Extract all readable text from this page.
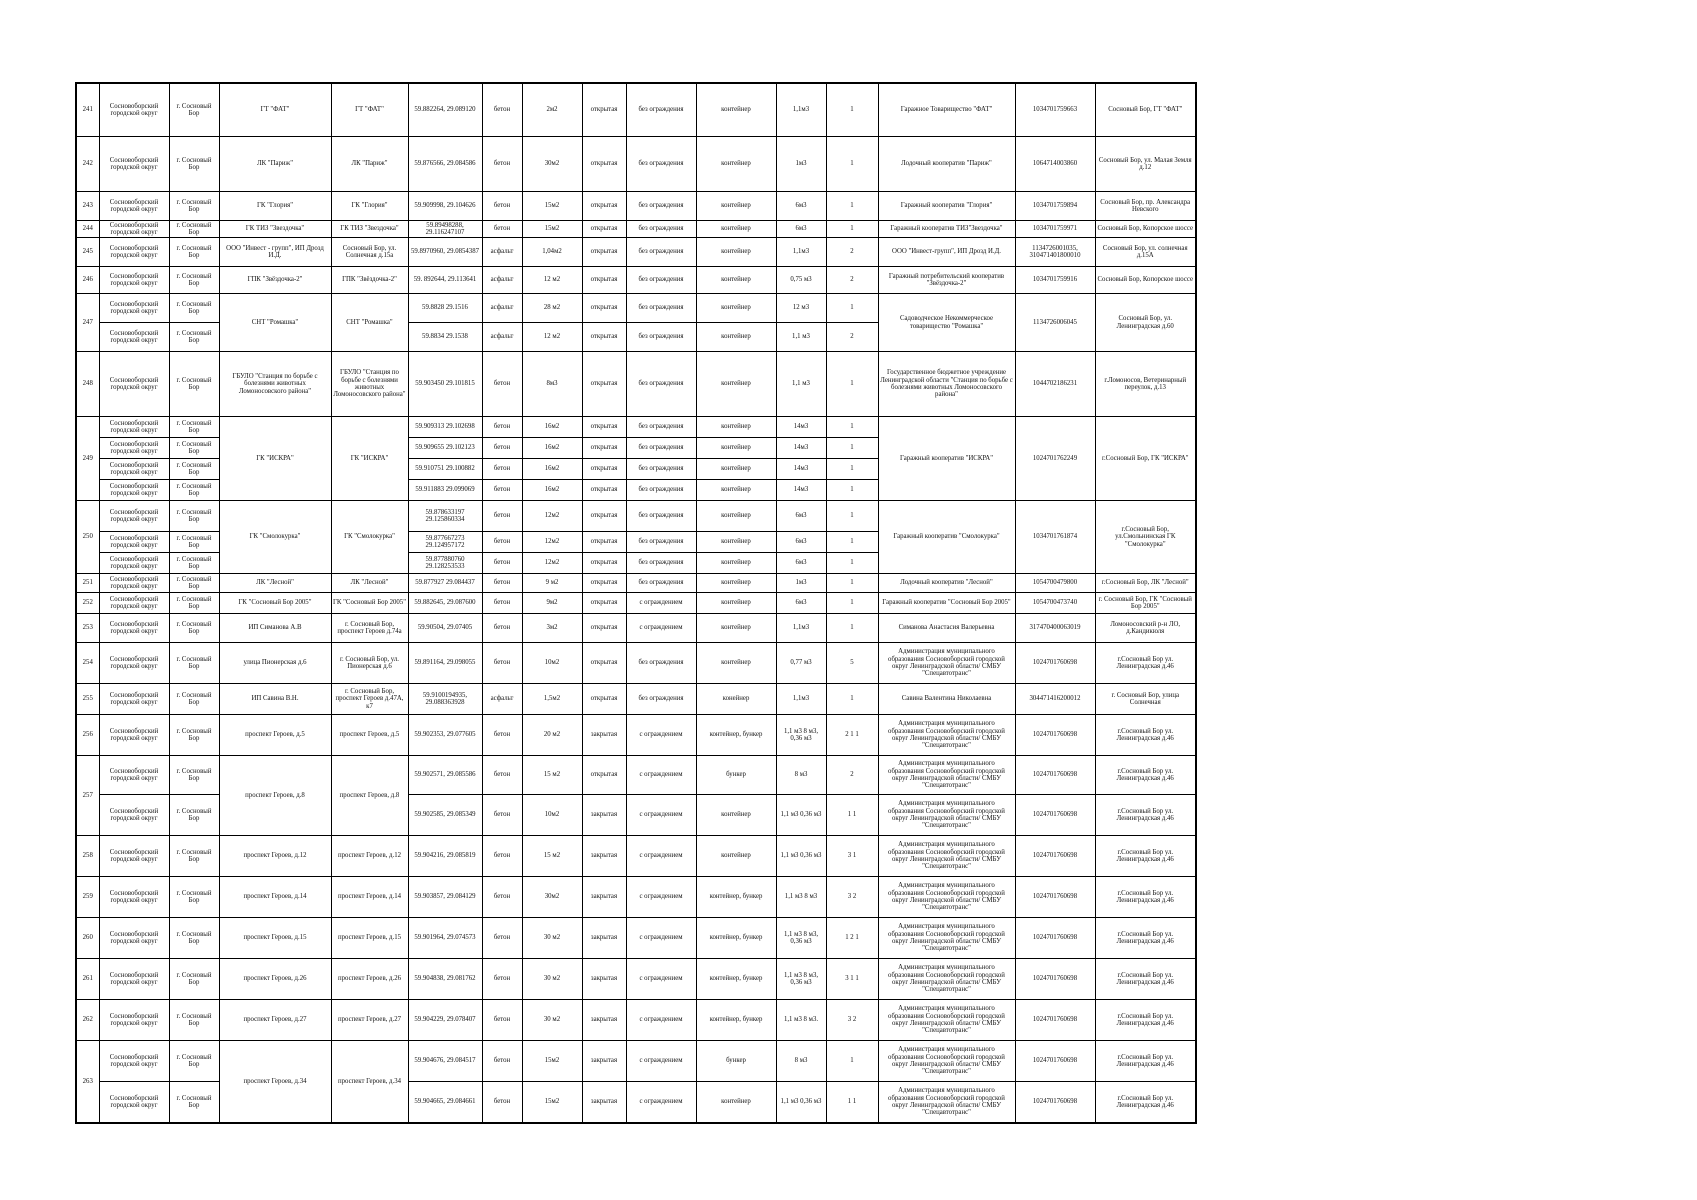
241	Сосновоборский городской округ	г. Сосновый Бор	ГТ "ФАТ"	ГТ "ФАТ"	59.882264, 29.089120	бетон	2м2	открытая	без ограждения	контейнер	1,1м3	1	Гаражное Товарищество "ФАТ"	1034701759663	Сосновый Бор, ГТ "ФАТ"
242	Сосновоборский городской округ	г. Сосновый Бор	ЛК "Париж"	ЛК "Париж"	59.876566, 29.084586	бетон	30м2	открытая	без ограждения	контейнер	1м3	1	Лодочный кооператив "Париж"	1064714003860	Сосновый Бор, ул. Малая Земля д.12
243	Сосновоборский городской округ	г. Сосновый Бор	ГК "Глория"	ГК "Глория"	59.909998, 29.104626	бетон	15м2	открытая	без ограждения	контейнер	6м3	1	Гаражный кооператив "Глория"	1034701759894	Сосновый Бор, пр. Александра Невского
244	Сосновоборский городской округ	г. Сосновый Бор	ГК ТИЗ "Звездочка"	ГК ТИЗ "Звездочка"	59.89498288, 29.116247107	бетон	15м2	открытая	без ограждения	контейнер	6м3	1	Гаражный кооператив ТИЗ"Звездочка"	1034701759971	Сосновый Бор, Копорское шоссе
245	Сосновоборский городской округ	г. Сосновый Бор	ООО "Инвест - групп", ИП Дрозд И.Д.	Сосновый Бор, ул. Солнечная д.15а	59.8970960, 29.0854387	асфальт	1,04м2	открытая	без ограждения	контейнер	1,1м3	2	ООО "Инвест-групп", ИП Дрозд И.Д.	1134726001035, 310471401800010	Сосновый Бор, ул. солнечная д.15А
246	Сосновоборский городской округ	г. Сосновый Бор	ГПК "Звёздочка-2"	ГПК "Звёздочка-2"	59. 892644, 29.113641	асфальт	12 м2	открытая	без ограждения	контейнер	0,75 м3	2	Гаражный потребительский кооператив "Звёздочка-2"	1034701759916	Сосновый Бор, Копорское шоссе
247	Сосновоборский городской округ	г. Сосновый Бор	СНТ "Ромашка"	СНТ "Ромашка"	59.8828 29.1516	асфальт	28 м2	открытая	без ограждения	контейнер	12 м3	1	Садоводческое Некоммерческое товарищество "Ромашка"	1134726006045	Сосновый Бор, ул. Ленинградская д.60
	Сосновоборский городской округ	г. Сосновый Бор			59.8834 29.1538	асфальт	12 м2	открытая	без ограждения	контейнер	1,1 м3	2			
248	Сосновоборский городской округ	г. Сосновый Бор	ГБУЛО "Станция по борьбе с болезнями животных Ломоносовского района"	ГБУЛО "Станция по борьбе с болезнями животных Ломоносовского района"	59.903450 29.101815	бетон	8м3	открытая	без ограждения	контейнер	1,1 м3	1	Государственное бюджетное учреждение Ленинградской области "Станция по борьбе с болезнями животных Ломоносовского района"	1044702186231	г.Ломоносов, Ветеринарный переулок, д.13
249	Сосновоборский городской округ	г. Сосновый Бор	ГК "ИСКРА"	ГК "ИСКРА"	59.909313 29.102698	бетон	16м2	открытая	без ограждения	контейнер	14м3	1	Гаражный кооператив "ИСКРА"	1024701762249	г.Сосновый Бор, ГК "ИСКРА"
	Сосновоборский городской округ	г. Сосновый Бор			59.909655 29.102123	бетон	16м2	открытая	без ограждения	контейнер	14м3	1			
	Сосновоборский городской округ	г. Сосновый Бор			59.910751 29.100882	бетон	16м2	открытая	без ограждения	контейнер	14м3	1			
	Сосновоборский городской округ	г. Сосновый Бор			59.911883 29.099069	бетон	16м2	открытая	без ограждения	контейнер	14м3	1			
250	Сосновоборский городской округ	г. Сосновый Бор	ГК "Смолокурка"	ГК "Смолокурка"	59.878633197 29.125860334	бетон	12м2	открытая	без ограждения	контейнер	6м3	1	Гаражный кооператив "Смолокурка"	1034701761874	г.Сосновый Бор, ул.Смольнинская ГК "Смолокурка"
	Сосновоборский городской округ	г. Сосновый Бор			59.877667273 29.124957172	бетон	12м2	открытая	без ограждения	контейнер	6м3	1			
	Сосновоборский городской округ	г. Сосновый Бор			59.877880760 29.128253533	бетон	12м2	открытая	без ограждения	контейнер	6м3	1			
251	Сосновоборский городской округ	г. Сосновый Бор	ЛК "Лесной"	ЛК "Лесной"	59.877927 29.084437	бетон	9 м2	открытая	без ограждения	контейнер	1м3	1	Лодочный кооператив "Лесной"	1054700479800	г.Сосновый Бор, ЛК "Лесной"
252	Сосновоборский городской округ	г. Сосновый Бор	ГК "Сосновый Бор 2005"	ГК "Сосновый Бор 2005"	59.882645, 29.087600	бетон	9м2	открытая	с ограждением	контейнер	6м3	1	Гаражный кооператив "Сосновый Бор 2005"	1054700473740	г. Сосновый Бор, ГК "Сосновый Бор 2005"
253	Сосновоборский городской округ	г. Сосновый Бор	ИП Симанова А.В	г. Сосновый Бор, проспект Героев д.74а	59.90504, 29.07405	бетон	3м2	открытая	с ограждением	контейнер	1,1м3	1	Симанова Анастасия Валерьевна	317470400063019	Ломоносовский р-н ЛО, д.Кандикюля
254	Сосновоборский городской округ	г. Сосновый Бор	улица Пионерская д.6	г. Сосновый Бор, ул. Пионерская д.6	59.891164, 29.098055	бетон	10м2	открытая	без ограждения	контейнер	0,77 м3	5	Администрация муниципального образования Сосновоборский городской округ Ленинградской области/ СМБУ "Спецавтотранс"	1024701760698	г.Сосновый Бор ул. Ленинградская д.46
255	Сосновоборский городской округ	г. Сосновый Бор	ИП Савина В.Н.	г. Сосновый Бор, проспект Героев д.47А, к7	59.9100194935, 29.088363928	асфальт	1,5м2	открытая	без ограждения	конейнер	1,1м3	1	Савина Валентина Николаевна	304471416200012	г. Сосновый Бор, улица Солнечная
256	Сосновоборский городской округ	г. Сосновый Бор	проспект Героев, д.5	проспект Героев, д.5	59.902353, 29.077605	бетон	20 м2	закрытая	с ограждением	контейнер, бункер	1,1 м3 8 м3, 0,36 м3	2 1 1	Администрация муниципального образования Сосновоборский городской округ Ленинградской области/ СМБУ "Спецавтотранс"	1024701760698	г.Сосновый Бор ул. Ленинградская д.46
257	Сосновоборский городской округ	г. Сосновый Бор	проспект Героев, д.8	проспект Героев, д.8	59.902571, 29.085586	бетон	15 м2	открытая	с ограждением	бункер	8 м3	2	Администрация муниципального образования Сосновоборский городской округ Ленинградской области/ СМБУ "Спецавтотранс"	1024701760698	г.Сосновый Бор ул. Ленинградская д.46
	Сосновоборский городской округ	г. Сосновый Бор			59.902585, 29.085349	бетон	10м2	закрытая	с ограждением	контейнер	1,1 м3 0,36 м3	1 1	Администрация муниципального образования Сосновоборский городской округ Ленинградской области/ СМБУ "Спецавтотранс"	1024701760698	г.Сосновый Бор ул. Ленинградская д.46
258	Сосновоборский городской округ	г. Сосновый Бор	проспект Героев, д.12	проспект Героев, д.12	59.904216, 29.085819	бетон	15 м2	закрытая	с ограждением	контейнер	1,1 м3 0,36 м3	3 1	Администрация муниципального образования Сосновоборский городской округ Ленинградской области/ СМБУ "Спецавтотранс"	1024701760698	г.Сосновый Бор ул. Ленинградская д.46
259	Сосновоборский городской округ	г. Сосновый Бор	проспект Героев, д.14	проспект Героев, д.14	59.903857, 29.084129	бетон	30м2	закрытая	с ограждением	контейнер, бункер	1,1 м3 8 м3	3 2	Администрация муниципального образования Сосновоборский городской округ Ленинградской области/ СМБУ "Спецавтотранс"	1024701760698	г.Сосновый Бор ул. Ленинградская д.46
260	Сосновоборский городской округ	г. Сосновый Бор	проспект Героев, д.15	проспект Героев, д.15	59.901964, 29.074573	бетон	30 м2	закрытая	с ограждением	контейнер, бункер	1,1 м3 8 м3, 0,36 м3	1 2 1	Администрация муниципального образования Сосновоборский городской округ Ленинградской области/ СМБУ "Спецавтотранс"	1024701760698	г.Сосновый Бор ул. Ленинградская д.46
261	Сосновоборский городской округ	г. Сосновый Бор	проспект Героев, д.26	проспект Героев, д.26	59.904838, 29.081762	бетон	30 м2	закрытая	с ограждением	контейнер, бункер	1,1 м3 8 м3, 0,36 м3	3 1 1	Администрация муниципального образования Сосновоборский городской округ Ленинградской области/ СМБУ "Спецавтотранс"	1024701760698	г.Сосновый Бор ул. Ленинградская д.46
262	Сосновоборский городской округ	г. Сосновый Бор	проспект Героев, д.27	проспект Героев, д.27	59.904229, 29.078407	бетон	30 м2	закрытая	с ограждением	контейнер, бункер	1,1 м3 8 м3.	3 2	Администрация муниципального образования Сосновоборский городской округ Ленинградской области/ СМБУ "Спецавтотранс"	1024701760698	г.Сосновый Бор ул. Ленинградская д.46
263	Сосновоборский городской округ	г. Сосновый Бор	проспект Героев, д.34	проспект Героев, д.34	59.904676, 29.084517	бетон	15м2	закрытая	с ограждением	бункер	8 м3	1	Администрация муниципального образования Сосновоборский городской округ Ленинградской области/ СМБУ "Спецавтотранс"	1024701760698	г.Сосновый Бор ул. Ленинградская д.46
	Сосновоборский городской округ	г. Сосновый Бор			59.904665, 29.084661	бетон	15м2	закрытая	с ограждением	контейнер	1,1 м3 0,36 м3	1 1	Администрация муниципального образования Сосновоборский городской округ Ленинградской области/ СМБУ "Спецавтотранс"	1024701760698	г.Сосновый Бор ул. Ленинградская д.46
